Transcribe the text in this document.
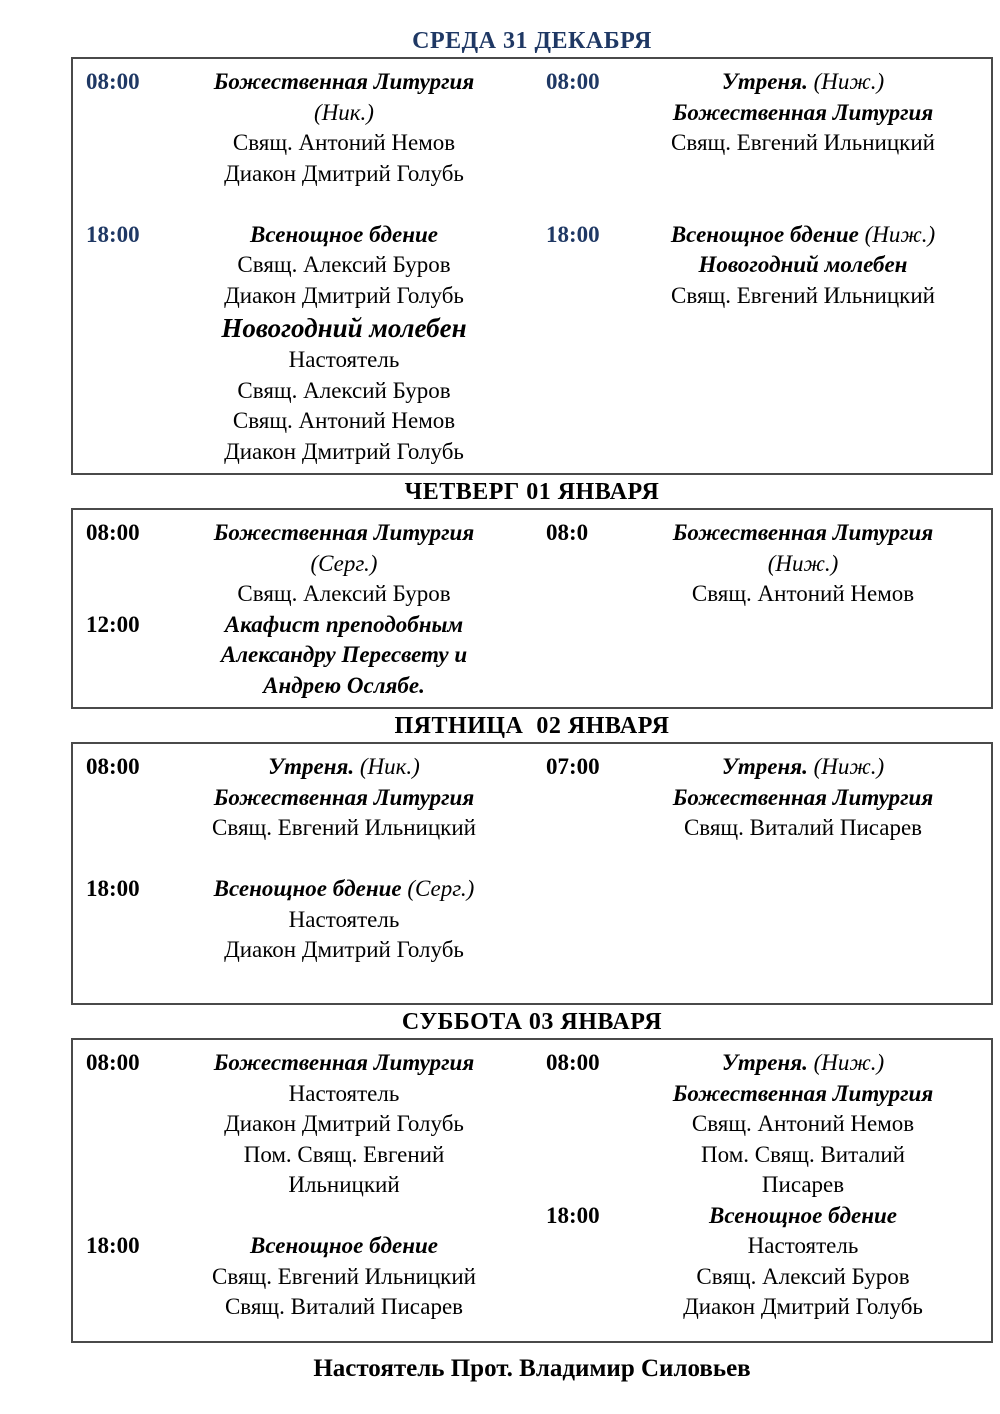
СРЕДА 31 ДЕКАБРЯ
08:00

18:00
Божественная Литургия
(Ник.)
Свящ. Антоний Немов
Диакон Дмитрий Голубь

Всенощное бдение
Свящ. Алексий Буров
Диакон Дмитрий Голубь
Новогодний молебен
Настоятель
Свящ. Алексий Буров
Свящ. Антоний Немов
Диакон Дмитрий Голубь
08:00

18:00
Утреня. (Ниж.)
Божественная Литургия
Свящ. Евгений Ильницкий

Всенощное бдение (Ниж.)
Новогодний молебен
Свящ. Евгений Ильницкий
ЧЕТВЕРГ 01 ЯНВАРЯ
08:00

12:00
Божественная Литургия
(Серг.)
Свящ. Алексий Буров
Акафист преподобным
Александру Пересвету и
Андрею Ослябе.
08:0	Божественная Литургия
(Ниж.)
Свящ. Антоний Немов
ПЯТНИЦА  02 ЯНВАРЯ
08:00

18:00
Утреня. (Ник.)
Божественная Литургия
Свящ. Евгений Ильницкий

Всенощное бдение (Серг.)
Настоятель
Диакон Дмитрий Голубь
07:00	Утреня. (Ниж.)
Божественная Литургия
Свящ. Виталий Писарев
СУББОТА 03 ЯНВАРЯ
08:00

18:00
Божественная Литургия
Настоятель
Диакон Дмитрий Голубь
Пом. Свящ. Евгений
Ильницкий

Всенощное бдение
Свящ. Евгений Ильницкий
Свящ. Виталий Писарев
08:00

18:00
Утреня. (Ниж.)
Божественная Литургия
Свящ. Антоний Немов
Пом. Свящ. Виталий
Писарев
Всенощное бдение
Настоятель
Свящ. Алексий Буров
Диакон Дмитрий Голубь
Настоятель Прот. Владимир Силовьев
